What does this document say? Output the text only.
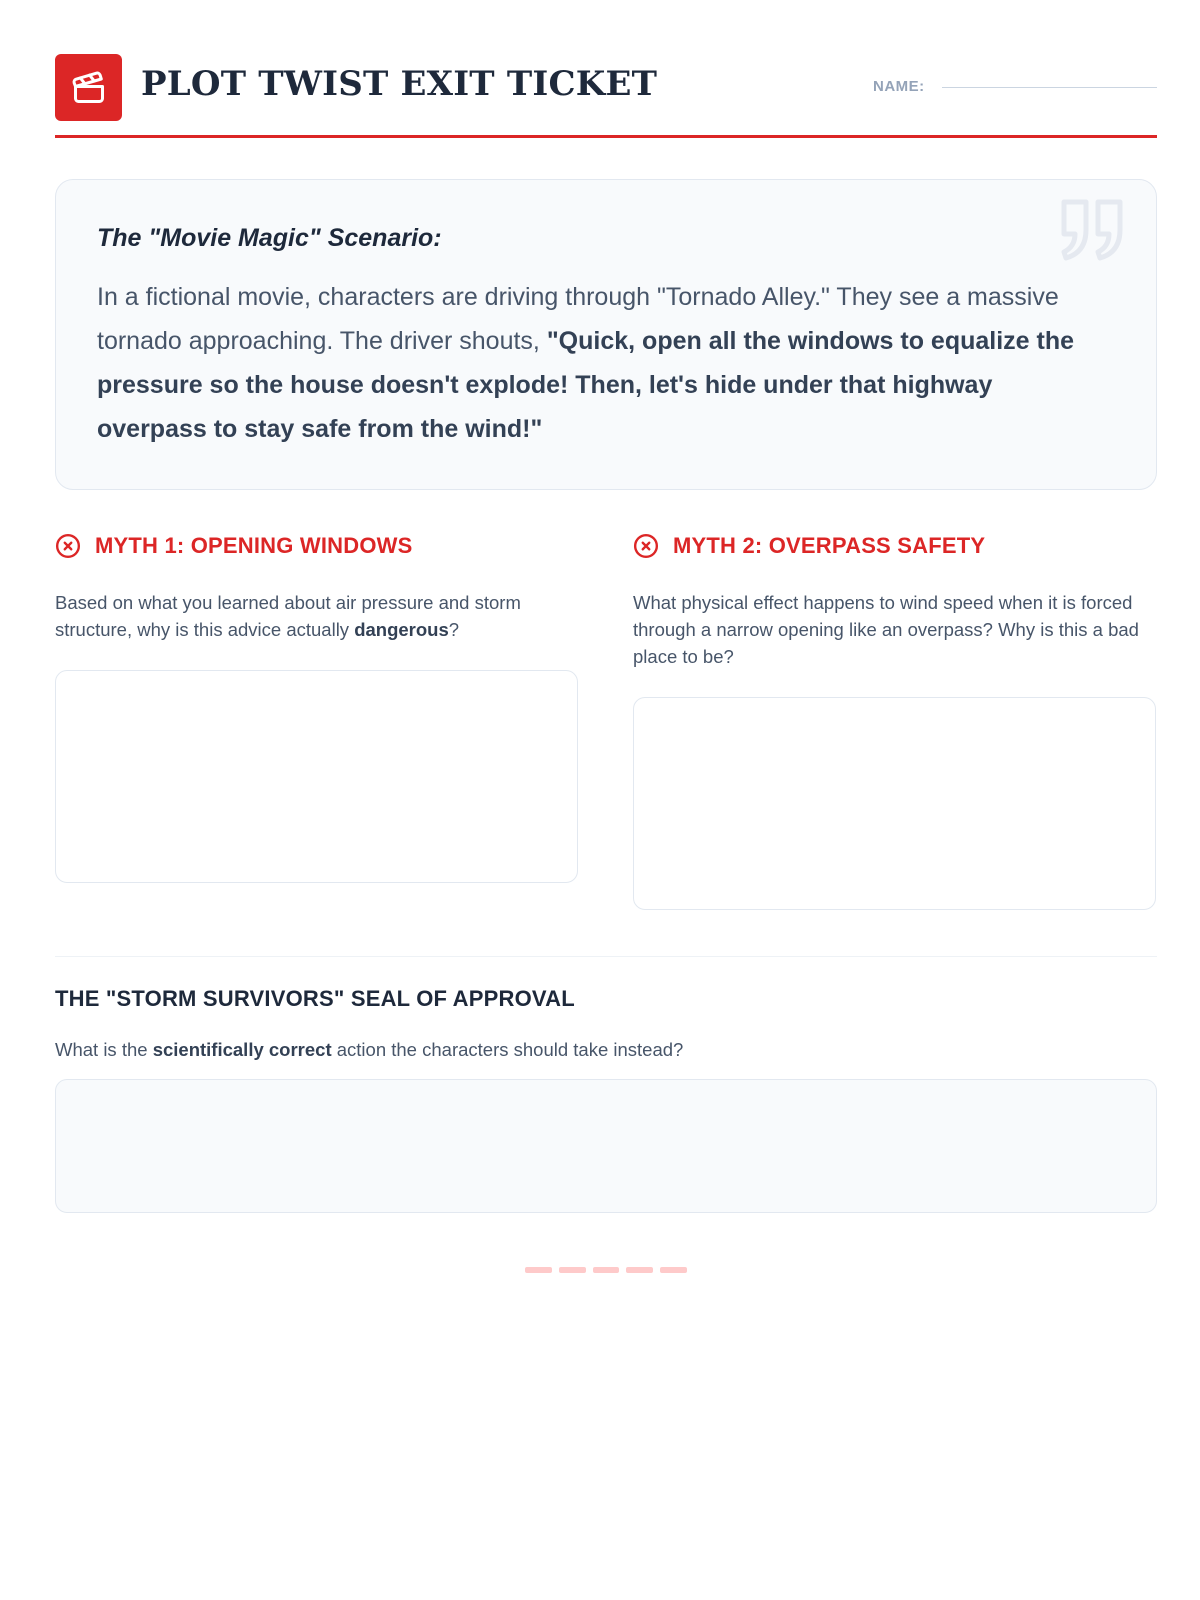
PLOT TWIST EXIT TICKET	NAME:
The "Movie Magic" Scenario:
In a fictional movie, characters are driving through "Tornado Alley." They see a massive tornado approaching. The driver shouts, "Quick, open all the windows to equalize the pressure so the house doesn't explode! Then, let's hide under that highway overpass to stay safe from the wind!"
MYTH 1: OPENING WINDOWS
Based on what you learned about air pressure and storm structure, why is this advice actually dangerous?
MYTH 2: OVERPASS SAFETY
What physical effect happens to wind speed when it is forced through a narrow opening like an overpass? Why is this a bad place to be?
THE "STORM SURVIVORS" SEAL OF APPROVAL
What is the scientifically correct action the characters should take instead?
